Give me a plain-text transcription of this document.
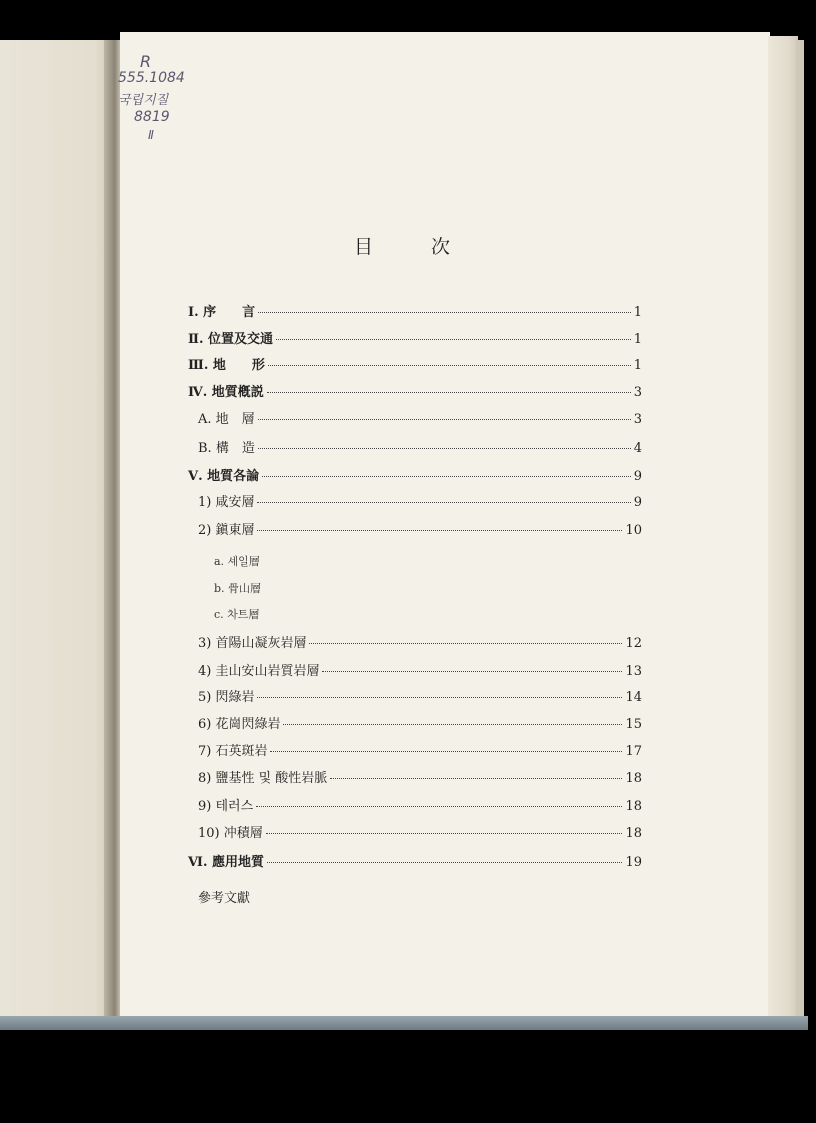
R
555.1084
국립지질
8819
Ⅱ
目次
Ⅰ. 序　　言	1
Ⅱ. 位置及交通	1
Ⅲ. 地　　形	1
Ⅳ. 地質槪説	3
A. 地　層	3
B. 構　造	4
Ⅴ. 地質各論	9
1) 咸安層	9
2) 鎭東層	10
a. 셰일層
b. 骨山層
c. 차트層
3) 首陽山凝灰岩層	12
4) 圭山安山岩質岩層	13
5) 閃綠岩	14
6) 花崗閃綠岩	15
7) 石英斑岩	17
8) 鹽基性 및 酸性岩脈	18
9) 테러스	18
10) 冲積層	18
Ⅵ. 應用地質	19
參考文獻
